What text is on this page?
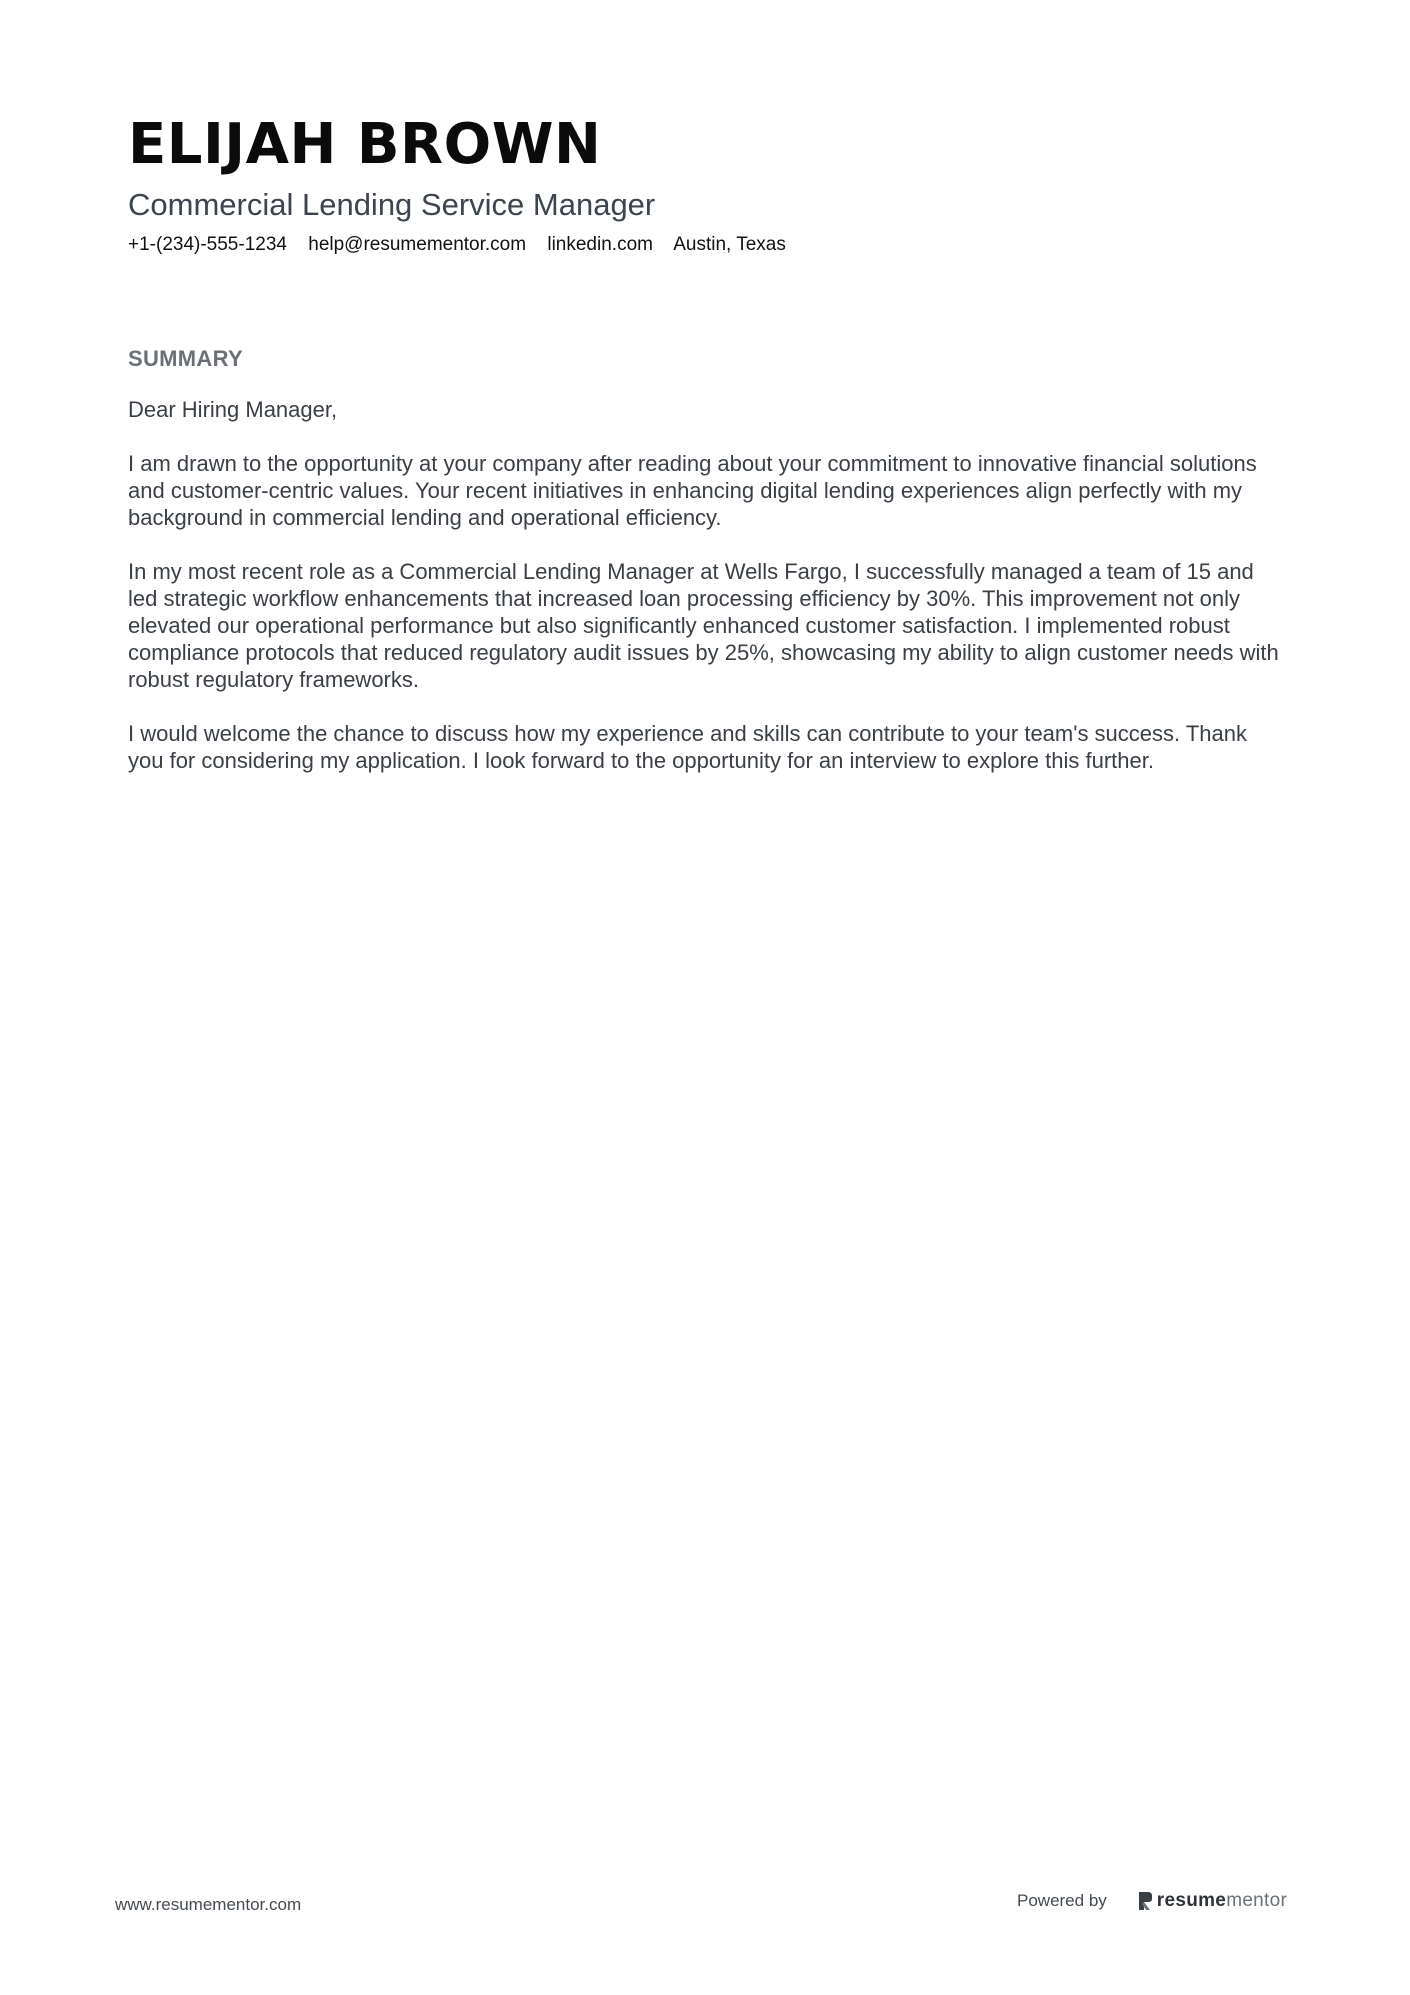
ELIJAH BROWN
Commercial Lending Service Manager
+1-(234)-555-1234 help@resumementor.com linkedin.com Austin, Texas
SUMMARY

Dear Hiring Manager,

I am drawn to the opportunity at your company after reading about your commitment to innovative financial solutions and customer-centric values. Your recent initiatives in enhancing digital lending experiences align perfectly with my background in commercial lending and operational efficiency.

In my most recent role as a Commercial Lending Manager at Wells Fargo, I successfully managed a team of 15 and led strategic workflow enhancements that increased loan processing efficiency by 30%. This improvement not only elevated our operational performance but also significantly enhanced customer satisfaction. I implemented robust compliance protocols that reduced regulatory audit issues by 25%, showcasing my ability to align customer needs with robust regulatory frameworks.

I would welcome the chance to discuss how my experience and skills can contribute to your team's success. Thank you for considering my application. I look forward to the opportunity for an interview to explore this further.

www.resumementor.com	Powered by	resumementor
